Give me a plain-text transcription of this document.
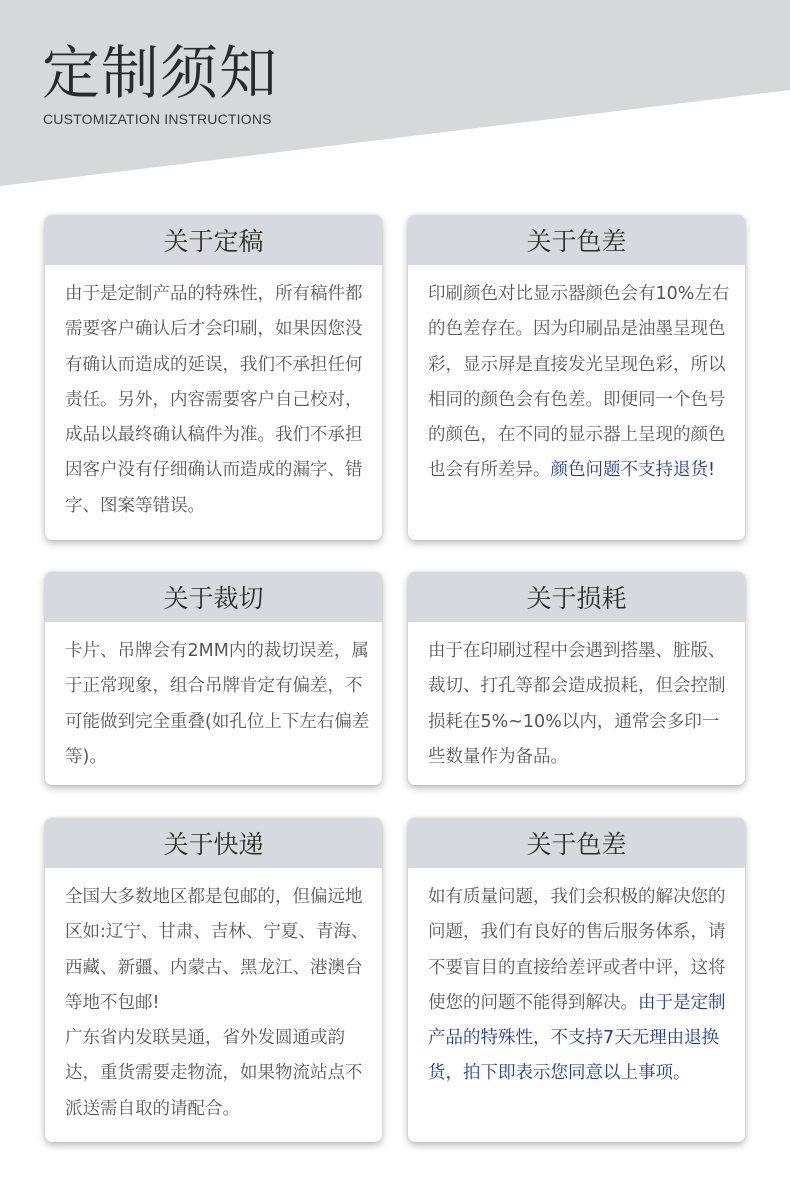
定制须知
CUSTOMIZATION INSTRUCTIONS
关于定稿
由于是定制产品的特殊性，所有稿件都需要客户确认后才会印刷，如果因您没有确认而造成的延误，我们不承担任何责任。另外，内容需要客户自己校对，成品以最终确认稿件为准。我们不承担因客户没有仔细确认而造成的漏字、错字、图案等错误。
关于色差
印刷颜色对比显示器颜色会有10%左右的色差存在。因为印刷品是油墨呈现色彩，显示屏是直接发光呈现色彩，所以相同的颜色会有色差。即便同一个色号的颜色，在不同的显示器上呈现的颜色也会有所差异。颜色问题不支持退货!
关于裁切
卡片、吊牌会有2MM内的裁切误差，属于正常现象，组合吊牌肯定有偏差，不可能做到完全重叠(如孔位上下左右偏差等)。
关于损耗
由于在印刷过程中会遇到搭墨、脏版、裁切、打孔等都会造成损耗，但会控制损耗在5%~10%以内，通常会多印一些数量作为备品。
关于快递
全国大多数地区都是包邮的，但偏远地区如:辽宁、甘肃、吉林、宁夏、青海、西藏、新疆、内蒙古、黑龙江、港澳台等地不包邮!
广东省内发联昊通，省外发圆通或韵达，重货需要走物流，如果物流站点不派送需自取的请配合。
关于色差
如有质量问题，我们会积极的解决您的问题，我们有良好的售后服务体系，请不要盲目的直接给差评或者中评，这将使您的问题不能得到解决。由于是定制产品的特殊性，不支持7天无理由退换货，拍下即表示您同意以上事项。
